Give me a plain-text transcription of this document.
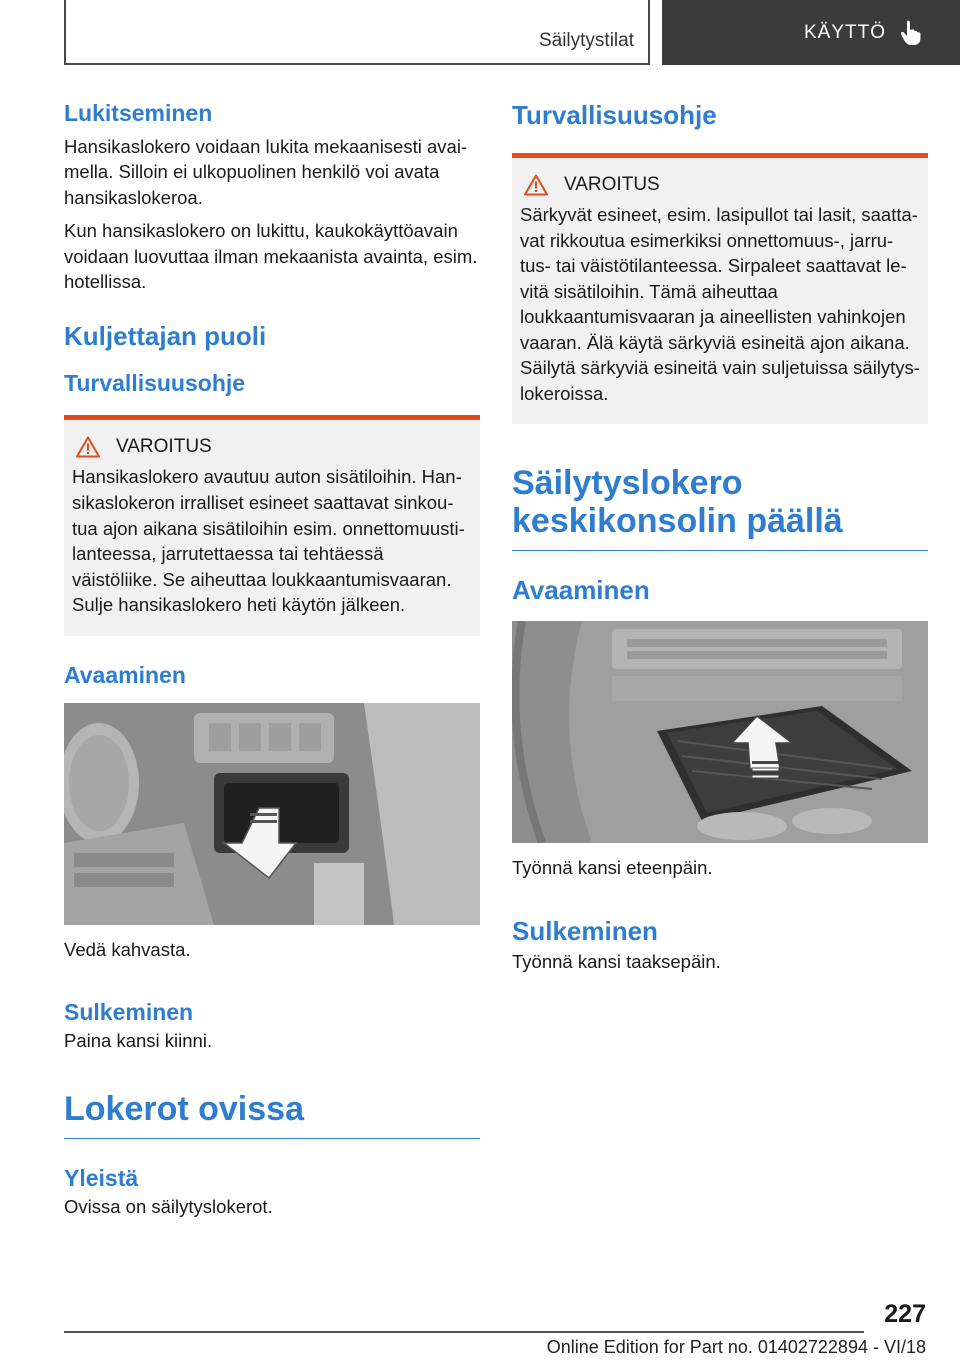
Säilytystilat	KÄYTTÖ
Lukitseminen

Hansikaslokero voidaan lukita mekaanisesti avai‐ mella. Silloin ei ulkopuolinen henkilö voi avata hansikaslokeroa.

Kun hansikaslokero on lukittu, kaukokäyttöavain voidaan luovuttaa ilman mekaanista avainta, esim. hotellissa.

Kuljettajan puoli
Turvallisuusohje
VAROITUS
Hansikaslokero avautuu auton sisätiloihin. Han‐ sikaslokeron irralliset esineet saattavat sinkou‐ tua ajon aikana sisätiloihin esim. onnettomuusti‐ lanteessa, jarrutettaessa tai tehtäessä väistöliike. Se aiheuttaa loukkaantumisvaaran. Sulje hansikaslokero heti käytön jälkeen.
Avaaminen

Vedä kahvasta.

Sulkeminen

Paina kansi kiinni.

Lokerot ovissa
Yleistä

Ovissa on säilytyslokerot.

Turvallisuusohje
VAROITUS
Särkyvät esineet, esim. lasipullot tai lasit, saatta‐ vat rikkoutua esimerkiksi onnettomuus-, jarru- tus- tai väistötilanteessa. Sirpaleet saattavat le‐ vitä sisätiloihin. Tämä aiheuttaa loukkaantumisvaaran ja aineellisten vahinkojen vaaran. Älä käytä särkyviä esineitä ajon aikana. Säilytä särkyviä esineitä vain suljetuissa säilytys‐ lokeroissa.
Säilytyslokero keskikonsolin päällä
Avaaminen

Työnnä kansi eteenpäin.

Sulkeminen

Työnnä kansi taaksepäin.

227
Online Edition for Part no. 01402722894 - VI/18
